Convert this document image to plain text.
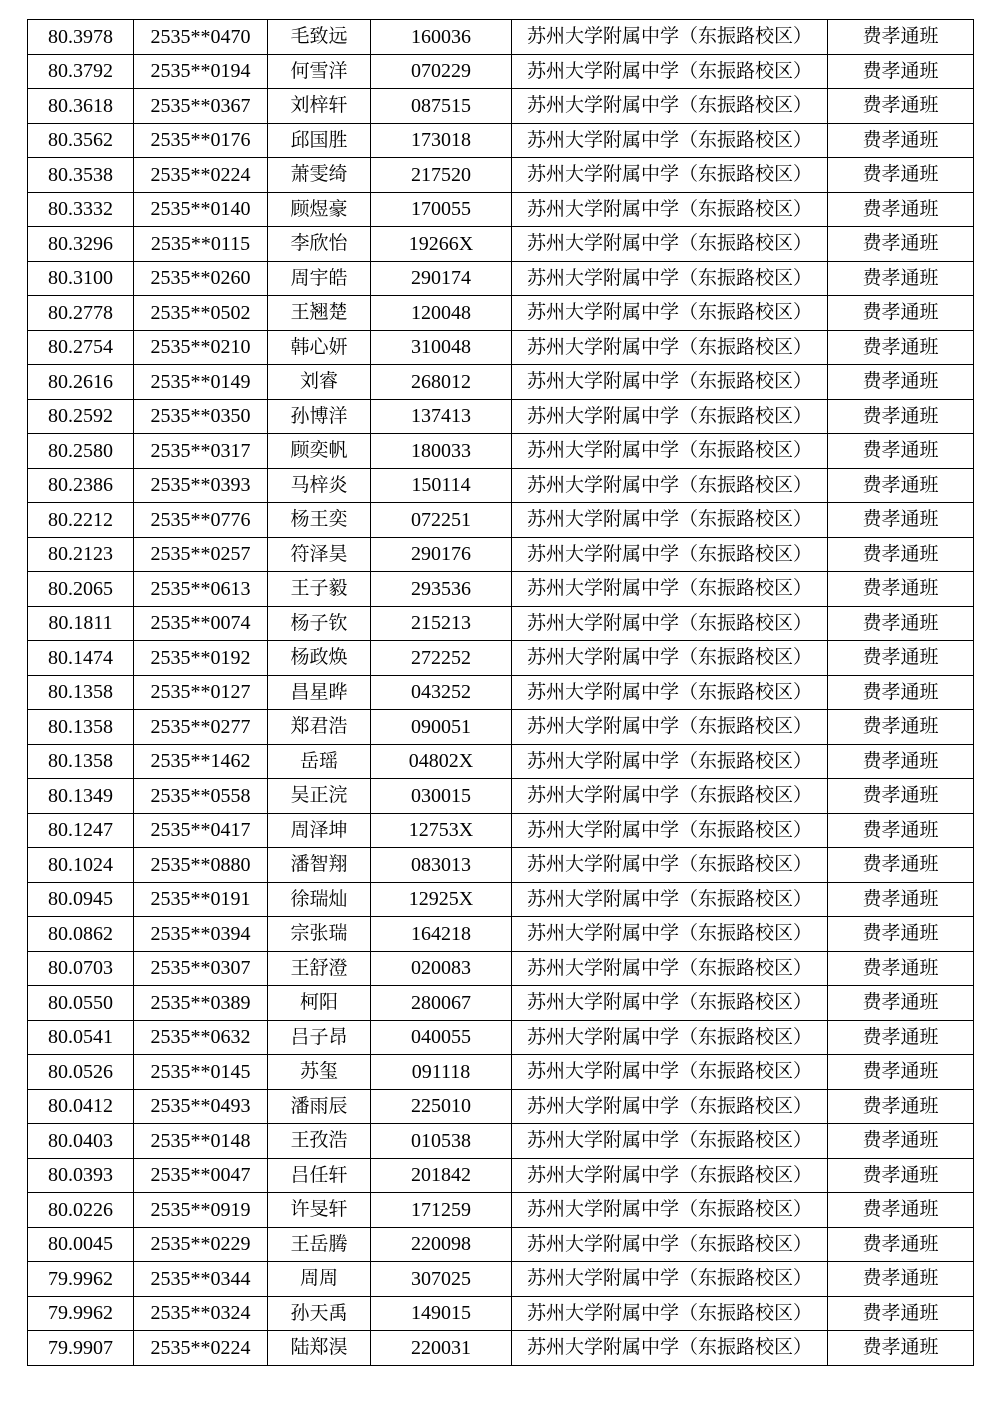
80.3978	2535**0470	毛致远	160036	苏州大学附属中学（东振路校区）	费孝通班
80.3792	2535**0194	何雪洋	070229	苏州大学附属中学（东振路校区）	费孝通班
80.3618	2535**0367	刘梓轩	087515	苏州大学附属中学（东振路校区）	费孝通班
80.3562	2535**0176	邱国胜	173018	苏州大学附属中学（东振路校区）	费孝通班
80.3538	2535**0224	萧雯绮	217520	苏州大学附属中学（东振路校区）	费孝通班
80.3332	2535**0140	顾煜豪	170055	苏州大学附属中学（东振路校区）	费孝通班
80.3296	2535**0115	李欣怡	19266X	苏州大学附属中学（东振路校区）	费孝通班
80.3100	2535**0260	周宇皓	290174	苏州大学附属中学（东振路校区）	费孝通班
80.2778	2535**0502	王翘楚	120048	苏州大学附属中学（东振路校区）	费孝通班
80.2754	2535**0210	韩心妍	310048	苏州大学附属中学（东振路校区）	费孝通班
80.2616	2535**0149	刘睿	268012	苏州大学附属中学（东振路校区）	费孝通班
80.2592	2535**0350	孙博洋	137413	苏州大学附属中学（东振路校区）	费孝通班
80.2580	2535**0317	顾奕帆	180033	苏州大学附属中学（东振路校区）	费孝通班
80.2386	2535**0393	马梓炎	150114	苏州大学附属中学（东振路校区）	费孝通班
80.2212	2535**0776	杨王奕	072251	苏州大学附属中学（东振路校区）	费孝通班
80.2123	2535**0257	符泽昊	290176	苏州大学附属中学（东振路校区）	费孝通班
80.2065	2535**0613	王子毅	293536	苏州大学附属中学（东振路校区）	费孝通班
80.1811	2535**0074	杨子钦	215213	苏州大学附属中学（东振路校区）	费孝通班
80.1474	2535**0192	杨政焕	272252	苏州大学附属中学（东振路校区）	费孝通班
80.1358	2535**0127	昌星晔	043252	苏州大学附属中学（东振路校区）	费孝通班
80.1358	2535**0277	郑君浩	090051	苏州大学附属中学（东振路校区）	费孝通班
80.1358	2535**1462	岳瑶	04802X	苏州大学附属中学（东振路校区）	费孝通班
80.1349	2535**0558	吴正浣	030015	苏州大学附属中学（东振路校区）	费孝通班
80.1247	2535**0417	周泽坤	12753X	苏州大学附属中学（东振路校区）	费孝通班
80.1024	2535**0880	潘智翔	083013	苏州大学附属中学（东振路校区）	费孝通班
80.0945	2535**0191	徐瑞灿	12925X	苏州大学附属中学（东振路校区）	费孝通班
80.0862	2535**0394	宗张瑞	164218	苏州大学附属中学（东振路校区）	费孝通班
80.0703	2535**0307	王舒澄	020083	苏州大学附属中学（东振路校区）	费孝通班
80.0550	2535**0389	柯阳	280067	苏州大学附属中学（东振路校区）	费孝通班
80.0541	2535**0632	吕子昂	040055	苏州大学附属中学（东振路校区）	费孝通班
80.0526	2535**0145	苏玺	091118	苏州大学附属中学（东振路校区）	费孝通班
80.0412	2535**0493	潘雨辰	225010	苏州大学附属中学（东振路校区）	费孝通班
80.0403	2535**0148	王孜浩	010538	苏州大学附属中学（东振路校区）	费孝通班
80.0393	2535**0047	吕任轩	201842	苏州大学附属中学（东振路校区）	费孝通班
80.0226	2535**0919	许旻轩	171259	苏州大学附属中学（东振路校区）	费孝通班
80.0045	2535**0229	王岳腾	220098	苏州大学附属中学（东振路校区）	费孝通班
79.9962	2535**0344	周周	307025	苏州大学附属中学（东振路校区）	费孝通班
79.9962	2535**0324	孙天禹	149015	苏州大学附属中学（东振路校区）	费孝通班
79.9907	2535**0224	陆郑淏	220031	苏州大学附属中学（东振路校区）	费孝通班
